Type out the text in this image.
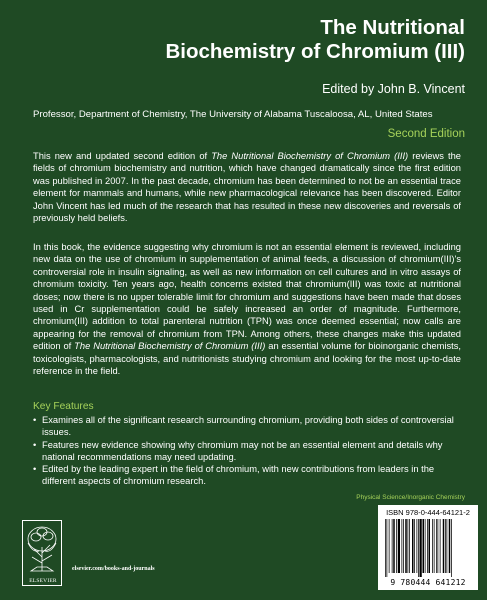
The Nutritional
Biochemistry of Chromium (III)
Edited by John B. Vincent
Professor, Department of Chemistry, The University of Alabama Tuscaloosa, AL, United States
Second Edition

This new and updated second edition of The Nutritional Biochemistry of Chromium (III) reviews the fields of chromium biochemistry and nutrition, which have changed dramatically since the first edition was published in 2007. In the past decade, chromium has been determined to not be an essential trace element for mammals and humans, while new pharmacological relevance has been discovered. Editor John Vincent has led much of the research that has resulted in these new discoveries and reversals of previously held beliefs.

In this book, the evidence suggesting why chromium is not an essential element is reviewed, including new data on the use of chromium in supplementation of animal feeds, a discussion of chromium(III)'s controversial role in insulin signaling, as well as new information on cell cultures and in vitro assays of chromium toxicity. Ten years ago, health concerns existed that chromium(III) was toxic at nutritional doses; now there is no upper tolerable limit for chromium and suggestions have been made that doses used in Cr supplementation could be safely increased an order of magnitude. Furthermore, chromium(III) addition to total parenteral nutrition (TPN) was once deemed essential; now calls are appearing for the removal of chromium from TPN. Among others, these changes make this updated edition of The Nutritional Biochemistry of Chromium (III) an essential volume for bioinorganic chemists, toxicologists, pharmacologists, and nutritionists studying chromium and looking for the most up-to-date reference in the field.

Key Features
• Examines all of the significant research surrounding chromium, providing both sides of controversial issues.
• Features new evidence showing why chromium may not be an essential element and details why national recommendations may need updating.
• Edited by the leading expert in the field of chromium, with new contributions from leaders in the different aspects of chromium research.
Physical Science/Inorganic Chemistry
ELSEVIER
elsevier.com/books-and-journals
ISBN 978-0-444-64121-2
9 780444 641212
